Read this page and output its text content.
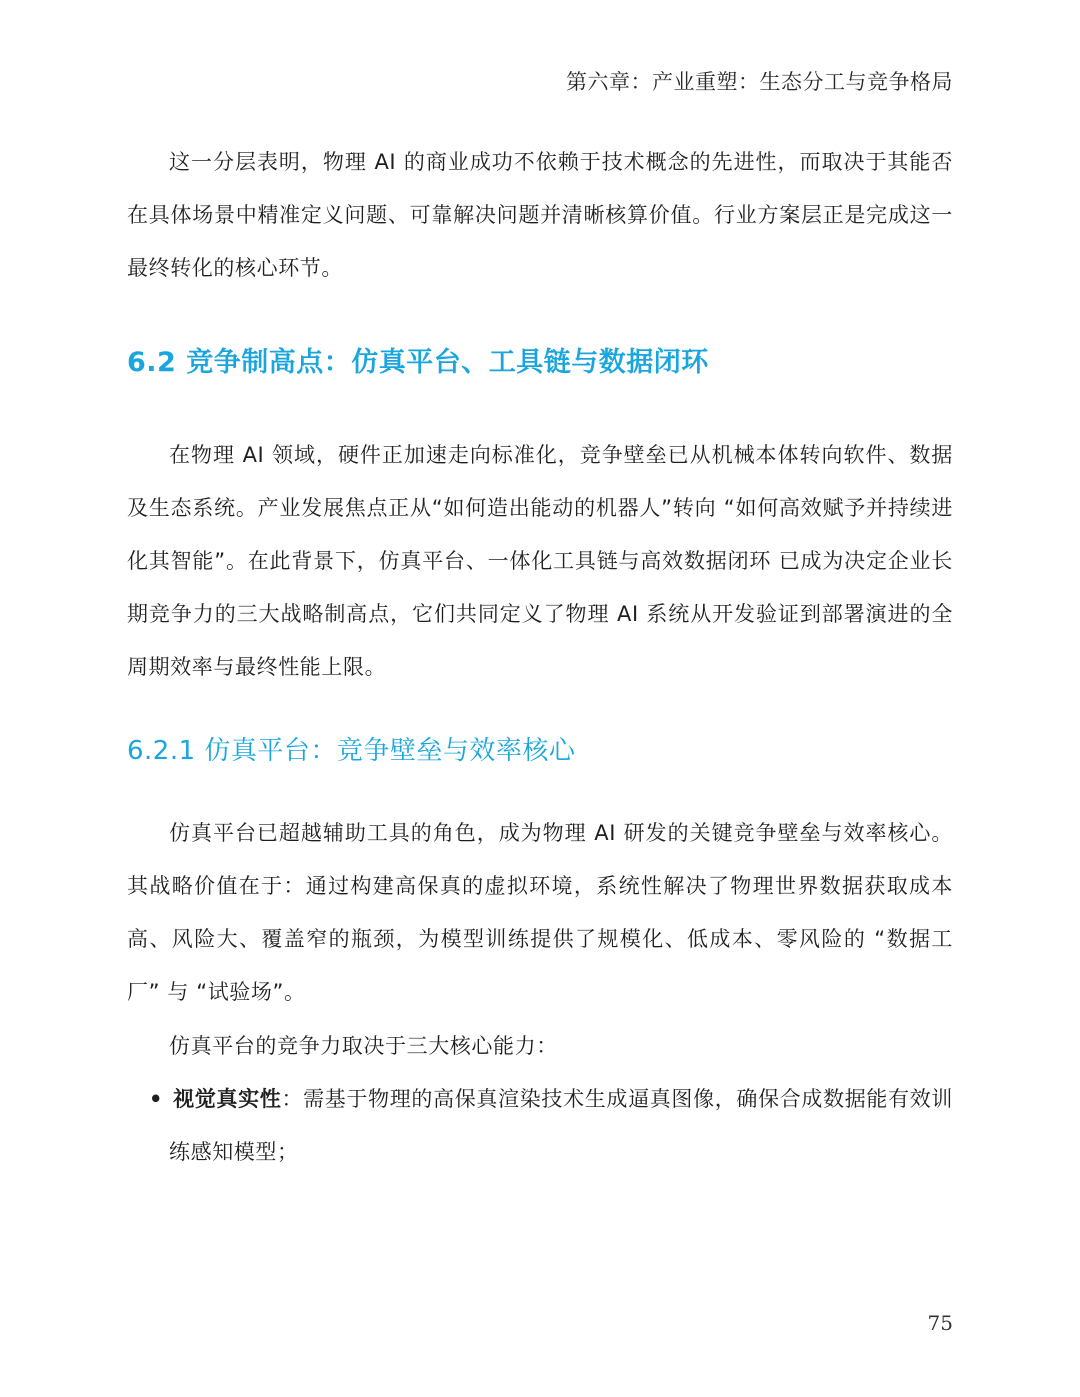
第六章：产业重塑：生态分工与竞争格局

这一分层表明，物理 AI 的商业成功不依赖于技术概念的先进性，而取决于其能否在具体场景中精准定义问题、可靠解决问题并清晰核算价值。行业方案层正是完成这一最终转化的核心环节。

6.2 竞争制高点：仿真平台、工具链与数据闭环

在物理 AI 领域，硬件正加速走向标准化，竞争壁垒已从机械本体转向软件、数据及生态系统。产业发展焦点正从“如何造出能动的机器人”转向 “如何高效赋予并持续进化其智能”。在此背景下，仿真平台、一体化工具链与高效数据闭环 已成为决定企业长期竞争力的三大战略制高点，它们共同定义了物理 AI 系统从开发验证到部署演进的全周期效率与最终性能上限。

6.2.1 仿真平台：竞争壁垒与效率核心

仿真平台已超越辅助工具的角色，成为物理 AI 研发的关键竞争壁垒与效率核心。其战略价值在于：通过构建高保真的虚拟环境，系统性解决了物理世界数据获取成本高、风险大、覆盖窄的瓶颈，为模型训练提供了规模化、低成本、零风险的 “数据工厂” 与 “试验场”。

仿真平台的竞争力取决于三大核心能力：

• 视觉真实性：需基于物理的高保真渲染技术生成逼真图像，确保合成数据能有效训练感知模型；

75
